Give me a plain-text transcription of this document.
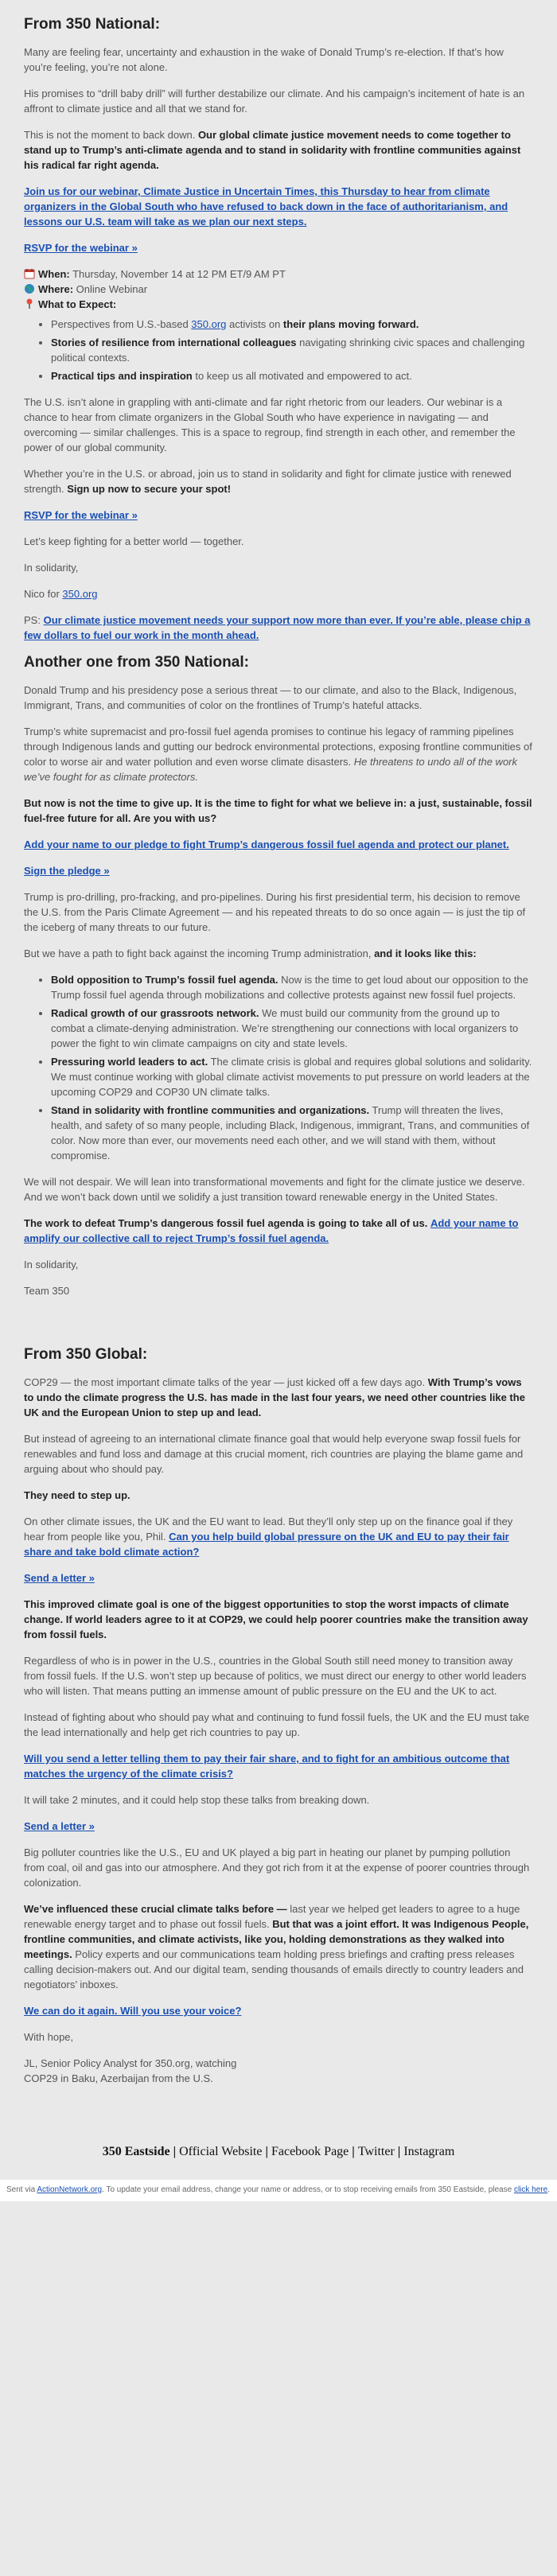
From 350 National:

Many are feeling fear, uncertainty and exhaustion in the wake of Donald Trump’s re-election. If that’s how you’re feeling, you’re not alone.

His promises to “drill baby drill” will further destabilize our climate. And his campaign’s incitement of hate is an affront to climate justice and all that we stand for.

This is not the moment to back down. Our global climate justice movement needs to come together to stand up to Trump’s anti-climate agenda and to stand in solidarity with frontline communities against his radical far right agenda.

Join us for our webinar, Climate Justice in Uncertain Times, this Thursday to hear from climate organizers in the Global South who have refused to back down in the face of authoritarianism, and lessons our U.S. team will take as we plan our next steps.

RSVP for the webinar »

When: Thursday, November 14 at 12 PM ET/9 AM PT

Where: Online Webinar

What to Expect:

• Perspectives from U.S.-based 350.org activists on their plans moving forward.
• Stories of resilience from international colleagues navigating shrinking civic spaces and challenging political contexts.
• Practical tips and inspiration to keep us all motivated and empowered to act.

The U.S. isn’t alone in grappling with anti-climate and far right rhetoric from our leaders. Our webinar is a chance to hear from climate organizers in the Global South who have experience in navigating — and overcoming — similar challenges. This is a space to regroup, find strength in each other, and remember the power of our global community.

Whether you’re in the U.S. or abroad, join us to stand in solidarity and fight for climate justice with renewed strength. Sign up now to secure your spot!

RSVP for the webinar »

Let’s keep fighting for a better world — together.

In solidarity,

Nico for 350.org

PS: Our climate justice movement needs your support now more than ever. If you’re able, please chip a few dollars to fuel our work in the month ahead.

Another one from 350 National:

Donald Trump and his presidency pose a serious threat — to our climate, and also to the Black, Indigenous, Immigrant, Trans, and communities of color on the frontlines of Trump’s hateful attacks.

Trump’s white supremacist and pro-fossil fuel agenda promises to continue his legacy of ramming pipelines through Indigenous lands and gutting our bedrock environmental protections, exposing frontline communities of color to worse air and water pollution and even worse climate disasters. He threatens to undo all of the work we’ve fought for as climate protectors.

But now is not the time to give up. It is the time to fight for what we believe in: a just, sustainable, fossil fuel-free future for all. Are you with us?

Add your name to our pledge to fight Trump’s dangerous fossil fuel agenda and protect our planet.

Sign the pledge »

Trump is pro-drilling, pro-fracking, and pro-pipelines. During his first presidential term, his decision to remove the U.S. from the Paris Climate Agreement — and his repeated threats to do so once again — is just the tip of the iceberg of many threats to our future.

But we have a path to fight back against the incoming Trump administration, and it looks like this:

• Bold opposition to Trump’s fossil fuel agenda. Now is the time to get loud about our opposition to the Trump fossil fuel agenda through mobilizations and collective protests against new fossil fuel projects.
• Radical growth of our grassroots network. We must build our community from the ground up to combat a climate-denying administration. We’re strengthening our connections with local organizers to power the fight to win climate campaigns on city and state levels.
• Pressuring world leaders to act. The climate crisis is global and requires global solutions and solidarity. We must continue working with global climate activist movements to put pressure on world leaders at the upcoming COP29 and COP30 UN climate talks.
• Stand in solidarity with frontline communities and organizations. Trump will threaten the lives, health, and safety of so many people, including Black, Indigenous, immigrant, Trans, and communities of color. Now more than ever, our movements need each other, and we will stand with them, without compromise.

We will not despair. We will lean into transformational movements and fight for the climate justice we deserve. And we won’t back down until we solidify a just transition toward renewable energy in the United States.

The work to defeat Trump’s dangerous fossil fuel agenda is going to take all of us. Add your name to amplify our collective call to reject Trump’s fossil fuel agenda.

In solidarity,

Team 350

From 350 Global:

COP29 — the most important climate talks of the year — just kicked off a few days ago. With Trump’s vows to undo the climate progress the U.S. has made in the last four years, we need other countries like the UK and the European Union to step up and lead.

But instead of agreeing to an international climate finance goal that would help everyone swap fossil fuels for renewables and fund loss and damage at this crucial moment, rich countries are playing the blame game and arguing about who should pay.

They need to step up.

On other climate issues, the UK and the EU want to lead. But they’ll only step up on the finance goal if they hear from people like you, Phil. Can you help build global pressure on the UK and EU to pay their fair share and take bold climate action?

Send a letter »

This improved climate goal is one of the biggest opportunities to stop the worst impacts of climate change. If world leaders agree to it at COP29, we could help poorer countries make the transition away from fossil fuels.

Regardless of who is in power in the U.S., countries in the Global South still need money to transition away from fossil fuels. If the U.S. won’t step up because of politics, we must direct our energy to other world leaders who will listen. That means putting an immense amount of public pressure on the EU and the UK to act.

Instead of fighting about who should pay what and continuing to fund fossil fuels, the UK and the EU must take the lead internationally and help get rich countries to pay up.

Will you send a letter telling them to pay their fair share, and to fight for an ambitious outcome that matches the urgency of the climate crisis?

It will take 2 minutes, and it could help stop these talks from breaking down.

Send a letter »

Big polluter countries like the U.S., EU and UK played a big part in heating our planet by pumping pollution from coal, oil and gas into our atmosphere. And they got rich from it at the expense of poorer countries through colonization.

We’ve influenced these crucial climate talks before — last year we helped get leaders to agree to a huge renewable energy target and to phase out fossil fuels. But that was a joint effort. It was Indigenous People, frontline communities, and climate activists, like you, holding demonstrations as they walked into meetings. Policy experts and our communications team holding press briefings and crafting press releases calling decision-makers out. And our digital team, sending thousands of emails directly to country leaders and negotiators’ inboxes.

We can do it again. Will you use your voice?

With hope,

JL, Senior Policy Analyst for 350.org, watching

COP29 in Baku, Azerbaijan from the U.S.

350 Eastside | Official Website | Facebook Page | Twitter | Instagram
Sent via ActionNetwork.org. To update your email address, change your name or address, or to stop receiving emails from 350 Eastside, please click here.
